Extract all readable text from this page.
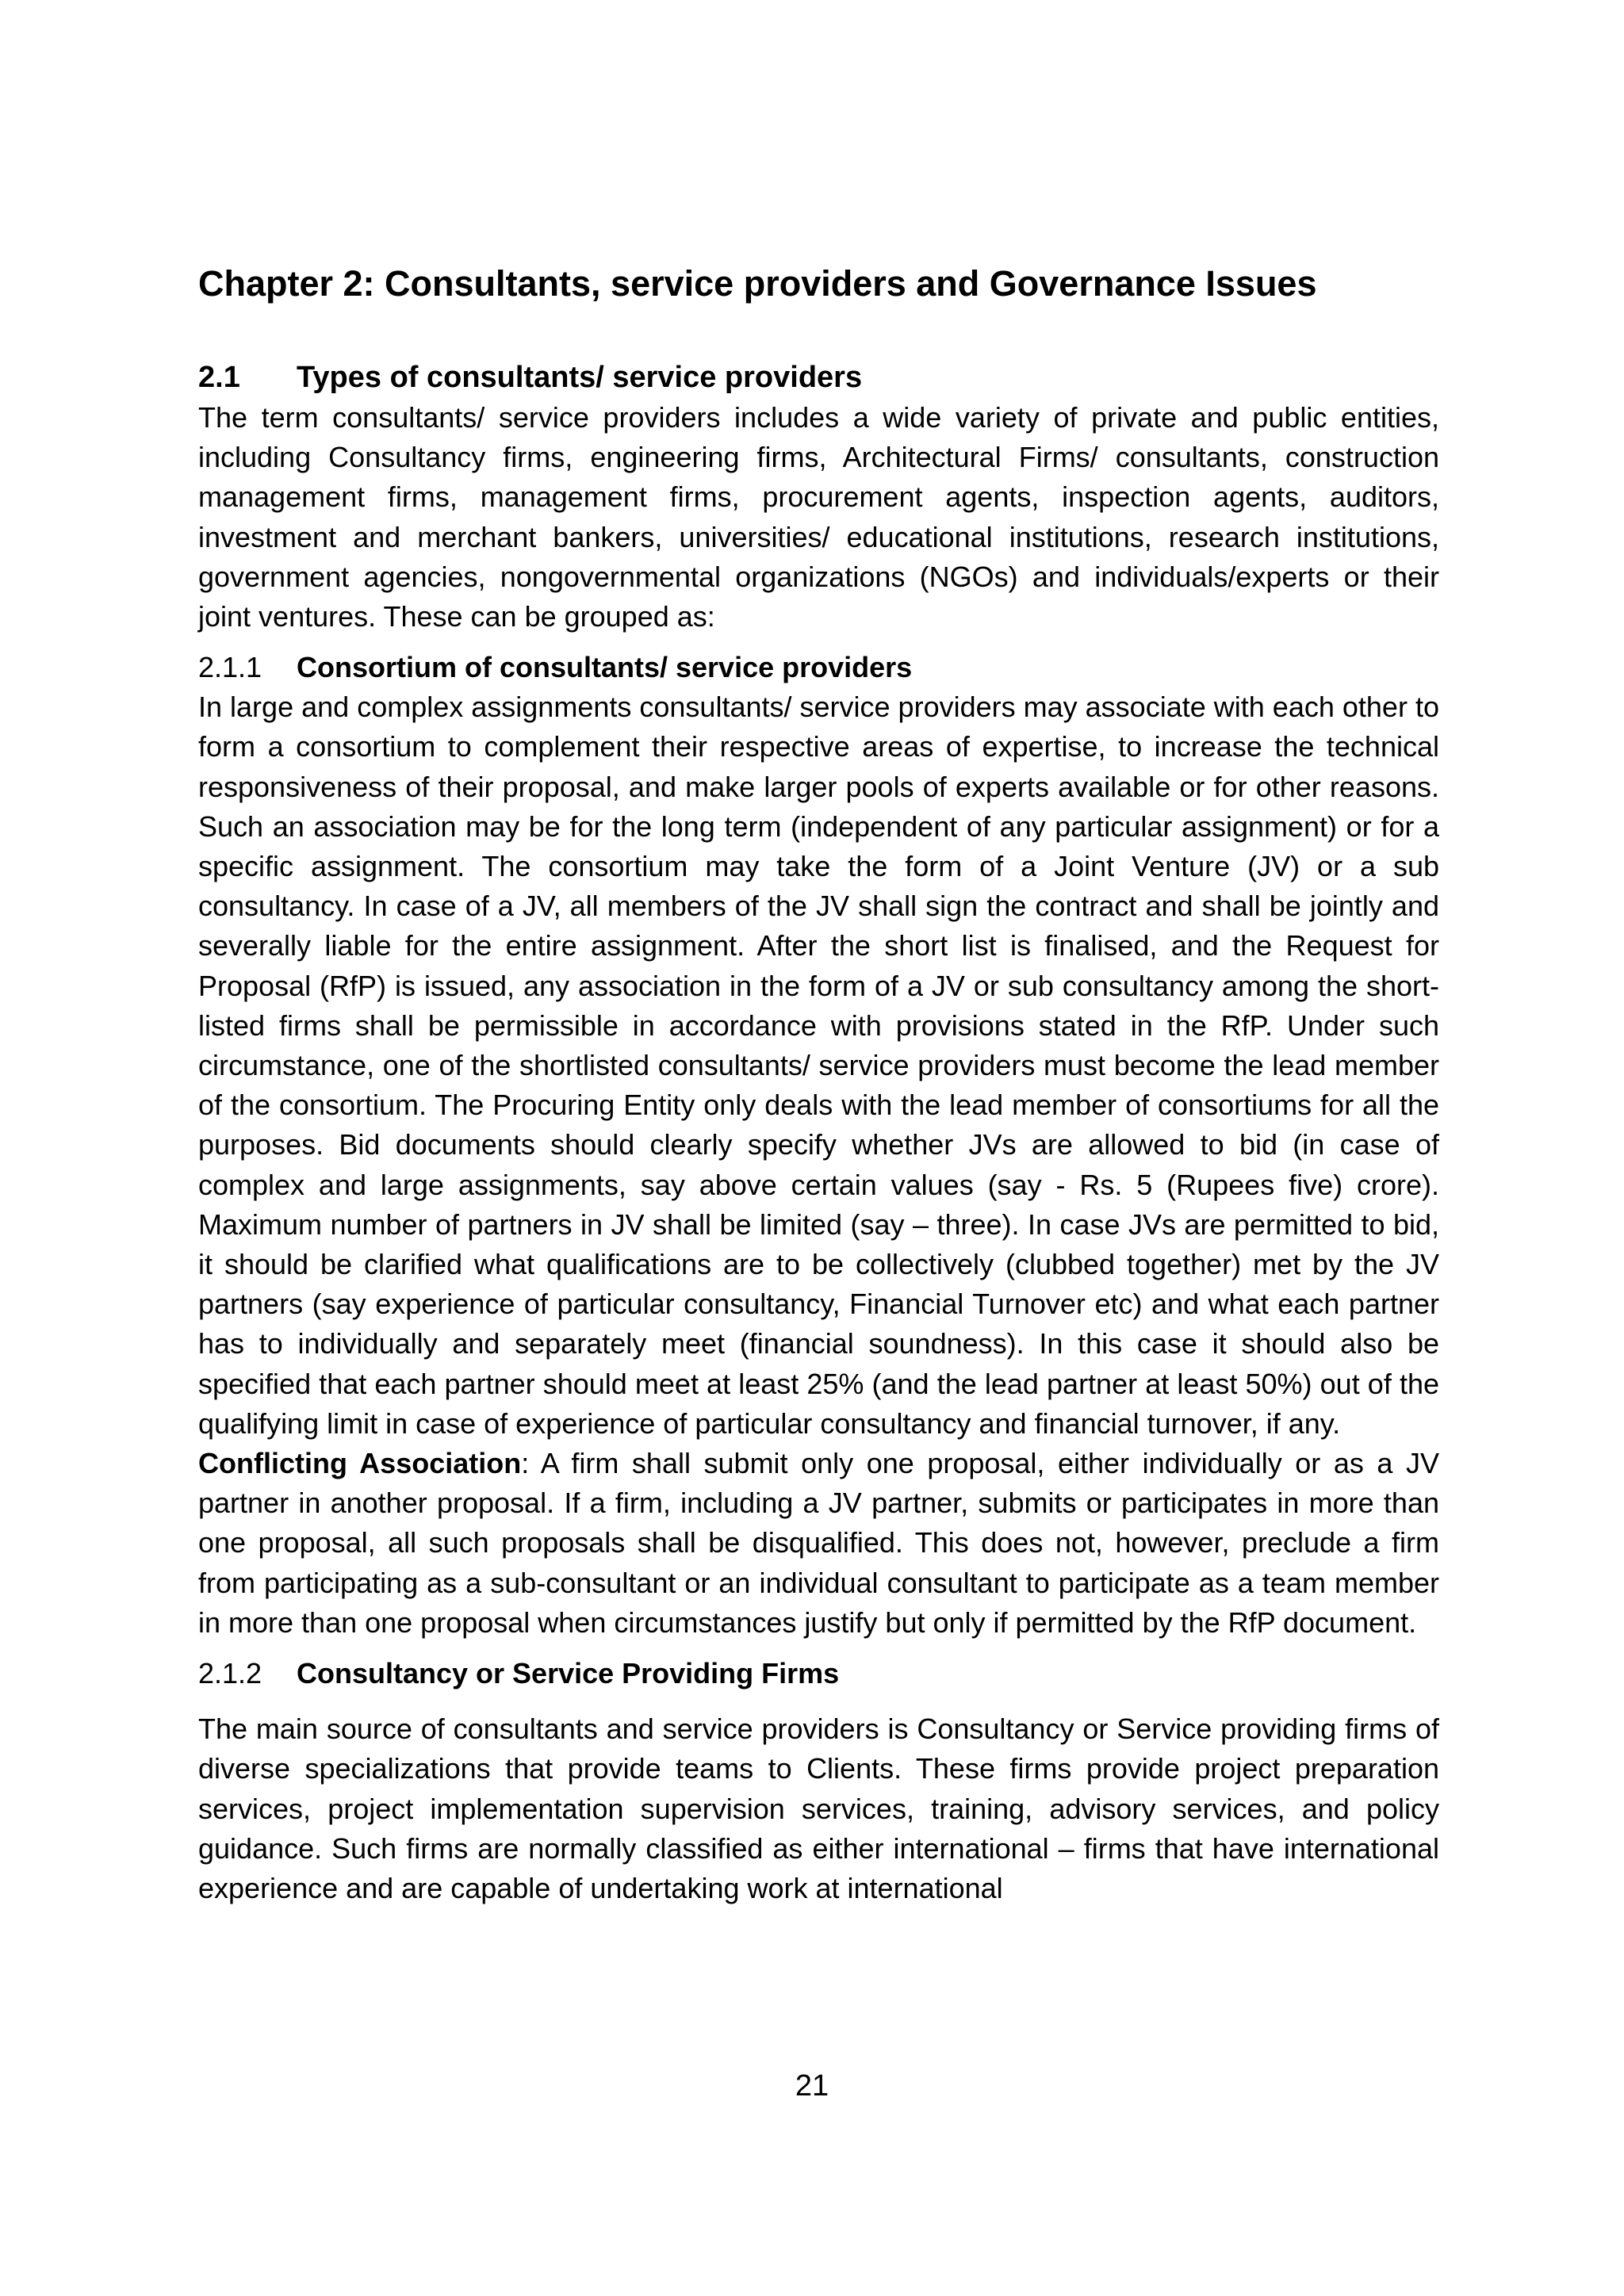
Chapter 2: Consultants, service providers and Governance Issues
2.1 Types of consultants/ service providers

The term consultants/ service providers includes a wide variety of private and public entities, including Consultancy firms, engineering firms, Architectural Firms/ consultants, construction management firms, management firms, procurement agents, inspection agents, auditors, investment and merchant bankers, universities/ educational institutions, research institutions, government agencies, nongovernmental organizations (NGOs) and individuals/experts or their joint ventures. These can be grouped as:

2.1.1 Consortium of consultants/ service providers

In large and complex assignments consultants/ service providers may associate with each other to form a consortium to complement their respective areas of expertise, to increase the technical responsiveness of their proposal, and make larger pools of experts available or for other reasons. Such an association may be for the long term (independent of any particular assignment) or for a specific assignment. The consortium may take the form of a Joint Venture (JV) or a sub consultancy. In case of a JV, all members of the JV shall sign the contract and shall be jointly and severally liable for the entire assignment. After the short list is finalised, and the Request for Proposal (RfP) is issued, any association in the form of a JV or sub consultancy among the short-listed firms shall be permissible in accordance with provisions stated in the RfP. Under such circumstance, one of the shortlisted consultants/ service providers must become the lead member of the consortium. The Procuring Entity only deals with the lead member of consortiums for all the purposes. Bid documents should clearly specify whether JVs are allowed to bid (in case of complex and large assignments, say above certain values (say - Rs. 5 (Rupees five) crore). Maximum number of partners in JV shall be limited (say – three). In case JVs are permitted to bid, it should be clarified what qualifications are to be collectively (clubbed together) met by the JV partners (say experience of particular consultancy, Financial Turnover etc) and what each partner has to individually and separately meet (financial soundness). In this case it should also be specified that each partner should meet at least 25% (and the lead partner at least 50%) out of the qualifying limit in case of experience of particular consultancy and financial turnover, if any.

Conflicting Association: A firm shall submit only one proposal, either individually or as a JV partner in another proposal. If a firm, including a JV partner, submits or participates in more than one proposal, all such proposals shall be disqualified. This does not, however, preclude a firm from participating as a sub-consultant or an individual consultant to participate as a team member in more than one proposal when circumstances justify but only if permitted by the RfP document.

2.1.2 Consultancy or Service Providing Firms

The main source of consultants and service providers is Consultancy or Service providing firms of diverse specializations that provide teams to Clients. These firms provide project preparation services, project implementation supervision services, training, advisory services, and policy guidance. Such firms are normally classified as either international – firms that have international experience and are capable of undertaking work at international

21
